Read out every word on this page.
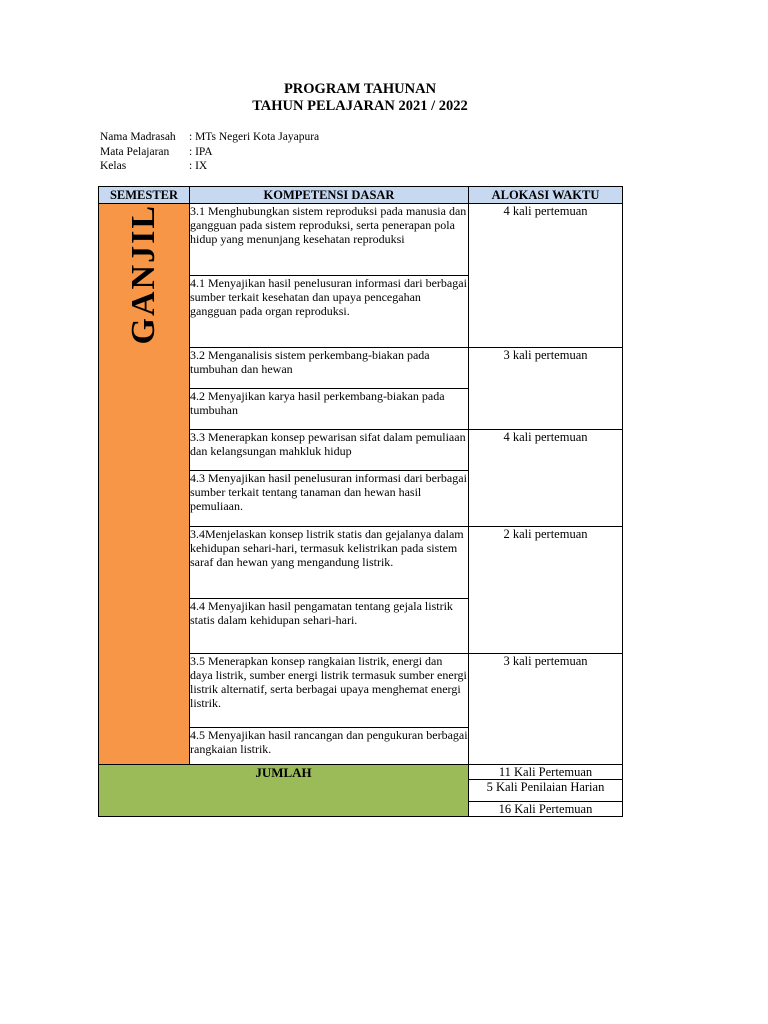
PROGRAM TAHUNAN
TAHUN PELAJARAN 2021 / 2022
Nama Madrasah	: MTs Negeri Kota Jayapura
Mata Pelajaran	: IPA
Kelas	: IX
SEMESTER	KOMPETENSI DASAR	ALOKASI WAKTU
GANJIL	3.1 Menghubungkan sistem reproduksi pada manusia dan gangguan pada sistem reproduksi, serta penerapan pola hidup yang menunjang kesehatan reproduksi	4 kali pertemuan
	4.1 Menyajikan hasil penelusuran informasi dari berbagai sumber terkait kesehatan dan upaya pencegahan gangguan pada organ reproduksi.	
	3.2 Menganalisis sistem perkembang-biakan pada tumbuhan dan hewan	3 kali pertemuan
	4.2 Menyajikan karya hasil perkembang-biakan pada tumbuhan	
	3.3 Menerapkan konsep pewarisan sifat dalam pemuliaan dan kelangsungan mahkluk hidup	4 kali pertemuan
	4.3 Menyajikan hasil penelusuran informasi dari berbagai sumber terkait tentang tanaman dan hewan hasil pemuliaan.	
	3.4Menjelaskan konsep listrik statis dan gejalanya dalam kehidupan sehari-hari, termasuk kelistrikan pada sistem saraf dan hewan yang mengandung listrik.	2 kali pertemuan
	4.4 Menyajikan hasil pengamatan tentang gejala listrik statis dalam kehidupan sehari-hari.	
	3.5 Menerapkan konsep rangkaian listrik, energi dan daya listrik, sumber energi listrik termasuk sumber energi listrik alternatif, serta berbagai upaya menghemat energi listrik.	3 kali pertemuan
	4.5 Menyajikan hasil rancangan dan pengukuran berbagai rangkaian listrik.	
JUMLAH		11 Kali Pertemuan
		5 Kali Penilaian Harian
		16 Kali Pertemuan
